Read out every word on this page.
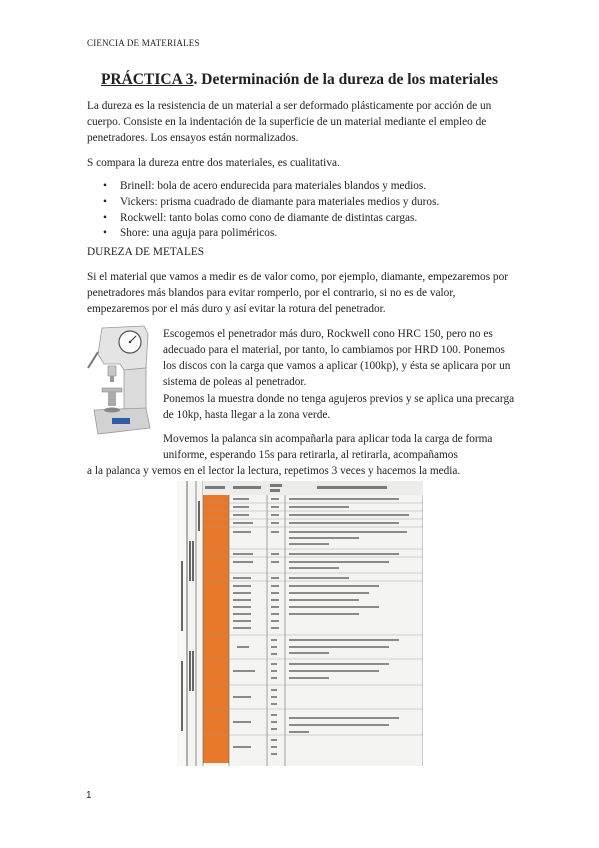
CIENCIA DE MATERIALES
PRÁCTICA 3. Determinación de la dureza de los materiales
La dureza es la resistencia de un material a ser deformado plásticamente por acción de un cuerpo. Consiste en la indentación de la superficie de un material mediante el empleo de penetradores. Los ensayos están normalizados.
S compara la dureza entre dos materiales, es cualitativa.
• Brinell: bola de acero endurecida para materiales blandos y medios.
• Vickers: prisma cuadrado de diamante para materiales medios y duros.
• Rockwell: tanto bolas como cono de diamante de distintas cargas.
• Shore: una aguja para poliméricos.
DUREZA DE METALES
Si el material que vamos a medir es de valor como, por ejemplo, diamante, empezaremos por penetradores más blandos para evitar romperlo, por el contrario, si no es de valor, empezaremos por el más duro y así evitar la rotura del penetrador.
Escogemos el penetrador más duro, Rockwell cono HRC 150, pero no es adecuado para el material, por tanto, lo cambiamos por HRD 100. Ponemos los discos con la carga que vamos a aplicar (100kp), y ésta se aplicara por un sistema de poleas al penetrador.
Ponemos la muestra donde no tenga agujeros previos y se aplica una precarga de 10kp, hasta llegar a la zona verde.
Movemos la palanca sin acompañarla para aplicar toda la carga de forma uniforme, esperando 15s para retirarla, al retirarla, acompañamos
a la palanca y vemos en el lector la lectura, repetimos 3 veces y hacemos la media.
1
